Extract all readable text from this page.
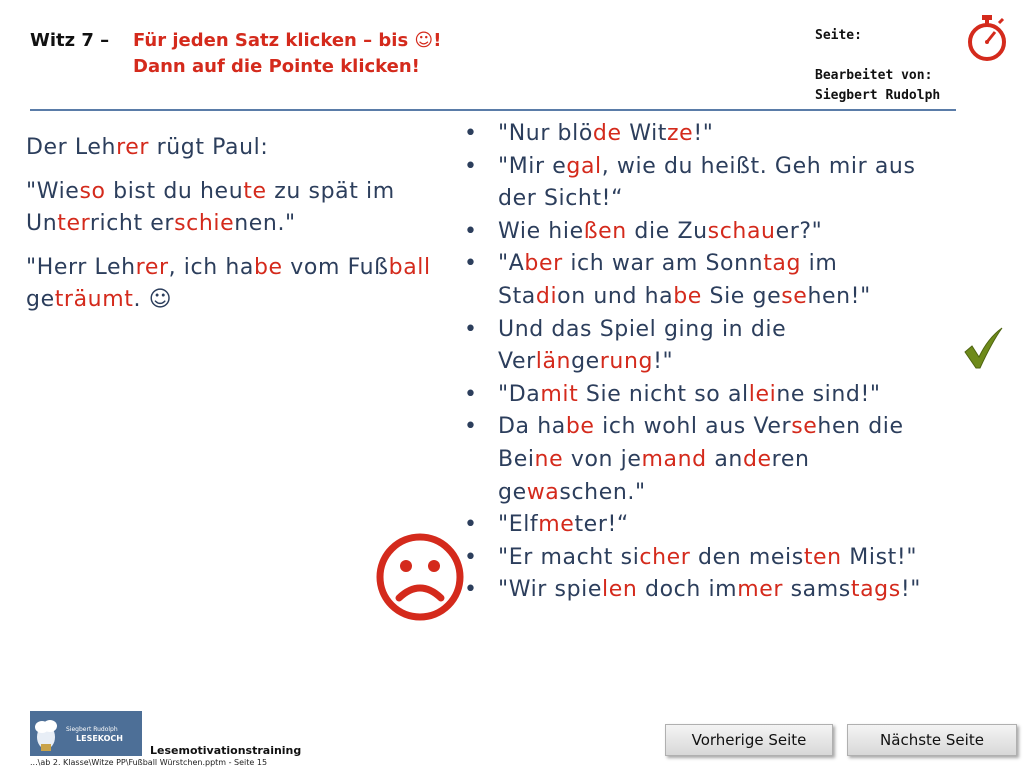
Witz 7 – Für jeden Satz klicken – bis ☺!
Dann auf die Pointe klicken!
Seite:
Bearbeitet von:
Siegbert Rudolph

Der Lehrer rügt Paul:

"Wieso bist du heute zu spät im Unterricht erschienen."

"Herr Lehrer, ich habe vom Fußball geträumt. ☺

• "Nur blöde Witze!"
• "Mir egal, wie du heißt. Geh mir aus der Sicht!“
• Wie hießen die Zuschauer?"
• "Aber ich war am Sonntag im Stadion und habe Sie gesehen!"
• Und das Spiel ging in die Verlängerung!"
• "Damit Sie nicht so alleine sind!"
• Da habe ich wohl aus Versehen die Beine von jemand anderen gewaschen."
• "Elfmeter!“
• "Er macht sicher den meisten Mist!"
• "Wir spielen doch immer samstags!"
Vorherige Seite	Nächste Seite
Siegbert Rudolph
LESEKOCH
Lesemotivationstraining
...\ab 2. Klasse\Witze PP\Fußball Würstchen.pptm - Seite 15
